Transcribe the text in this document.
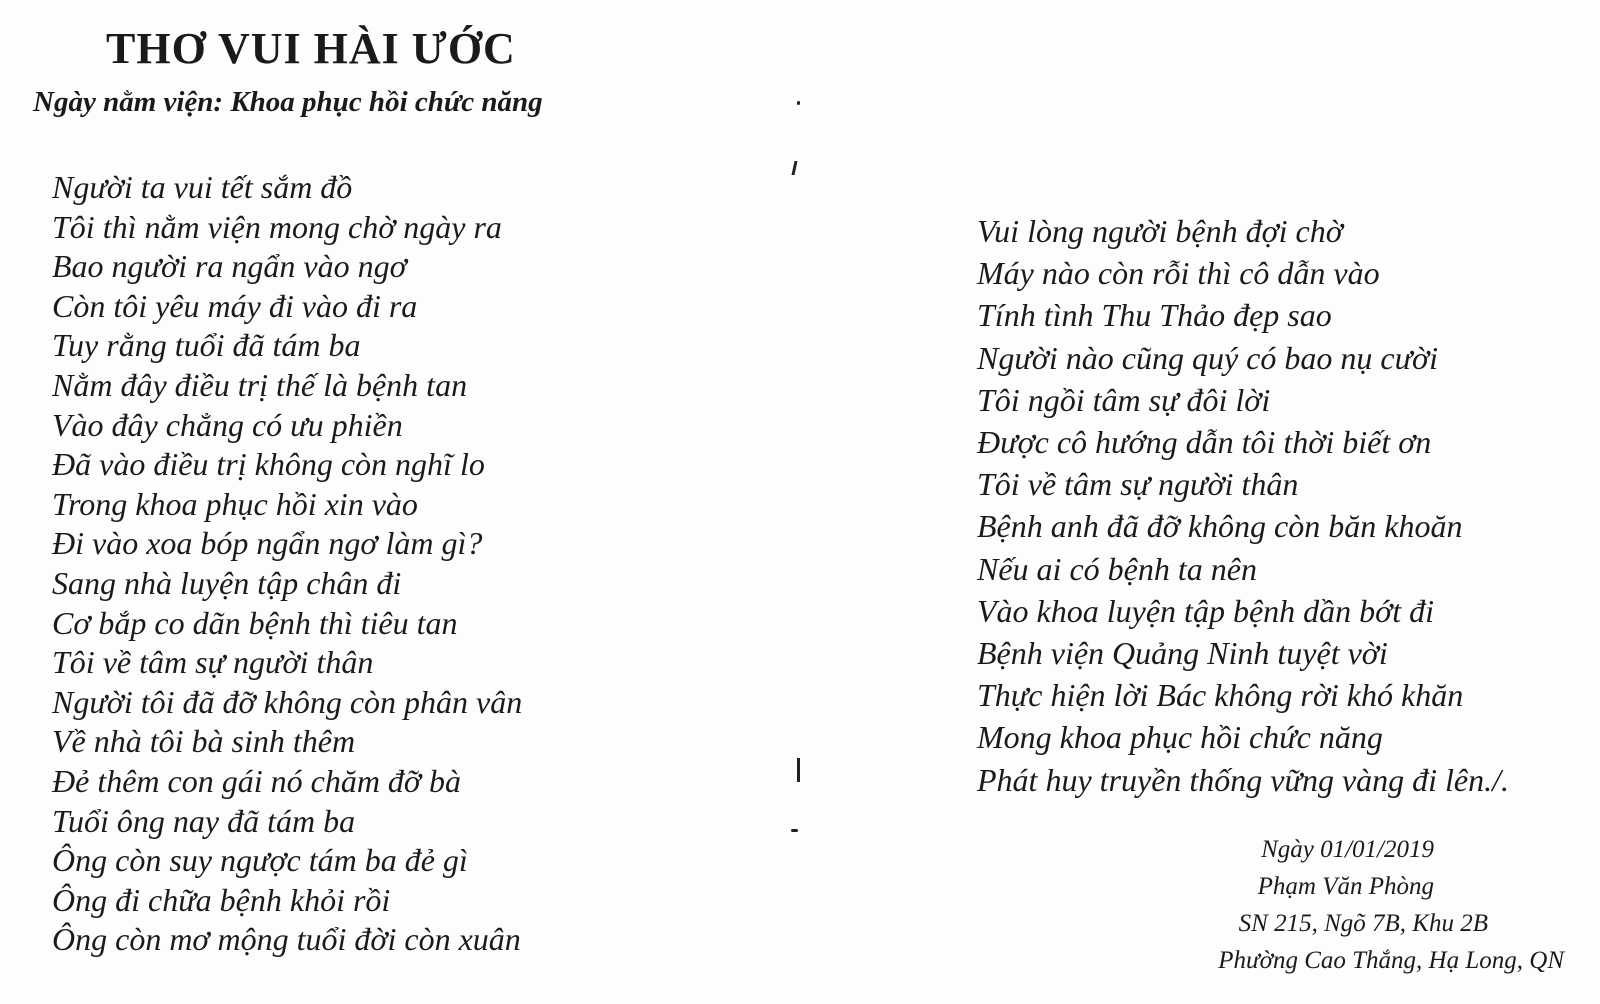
THƠ VUI HÀI ƯỚC
Ngày nằm viện: Khoa phục hồi chức năng
Người ta vui tết sắm đồ
Tôi thì nằm viện mong chờ ngày ra
Bao người ra ngẩn vào ngơ
Còn tôi yêu máy đi vào đi ra
Tuy rằng tuổi đã tám ba
Nằm đây điều trị thế là bệnh tan
Vào đây chẳng có ưu phiền
Đã vào điều trị không còn nghĩ lo
Trong khoa phục hồi xin vào
Đi vào xoa bóp ngẩn ngơ làm gì?
Sang nhà luyện tập chân đi
Cơ bắp co dãn bệnh thì tiêu tan
Tôi về tâm sự người thân
Người tôi đã đỡ không còn phân vân
Về nhà tôi bà sinh thêm
Đẻ thêm con gái nó chăm đỡ bà
Tuổi ông nay đã tám ba
Ông còn suy ngược tám ba đẻ gì
Ông đi chữa bệnh khỏi rồi
Ông còn mơ mộng tuổi đời còn xuân
Vui lòng người bệnh đợi chờ
Máy nào còn rỗi thì cô dẫn vào
Tính tình Thu Thảo đẹp sao
Người nào cũng quý có bao nụ cười
Tôi ngồi tâm sự đôi lời
Được cô hướng dẫn tôi thời biết ơn
Tôi về tâm sự người thân
Bệnh anh đã đỡ không còn băn khoăn
Nếu ai có bệnh ta nên
Vào khoa luyện tập bệnh dần bớt đi
Bệnh viện Quảng Ninh tuyệt vời
Thực hiện lời Bác không rời khó khăn
Mong khoa phục hồi chức năng
Phát huy truyền thống vững vàng đi lên./.
Ngày 01/01/2019
Phạm Văn Phòng
SN 215, Ngõ 7B, Khu 2B
Phường Cao Thắng, Hạ Long, QN
